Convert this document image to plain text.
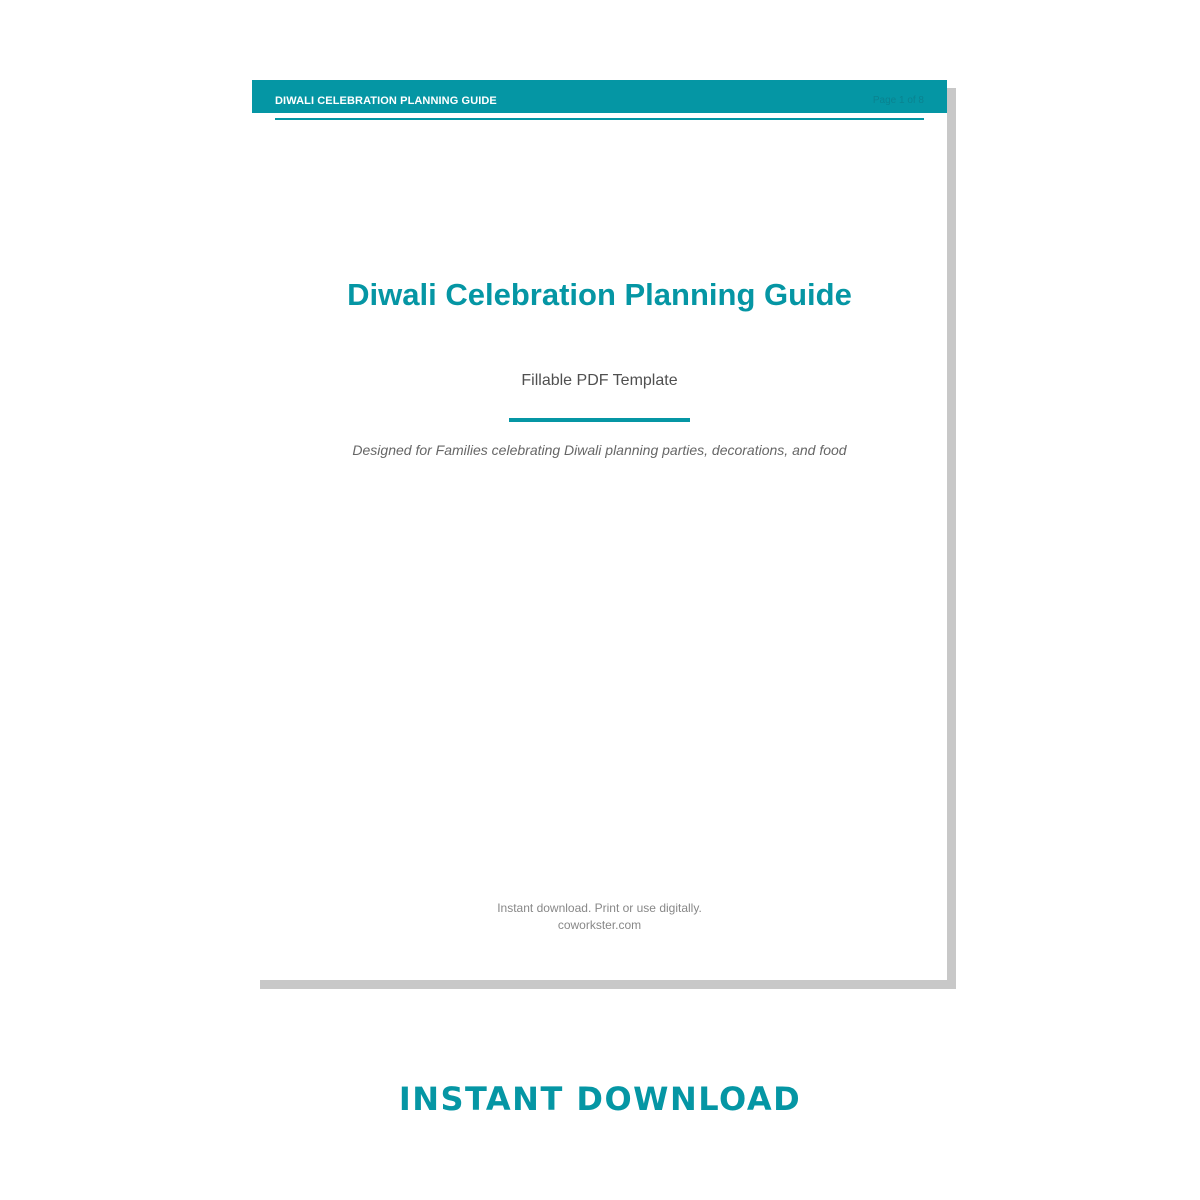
DIWALI CELEBRATION PLANNING GUIDE	Page 1 of 8
Diwali Celebration Planning Guide
Fillable PDF Template
Designed for Families celebrating Diwali planning parties, decorations, and food
Instant download. Print or use digitally.
coworkster.com
INSTANT DOWNLOAD
